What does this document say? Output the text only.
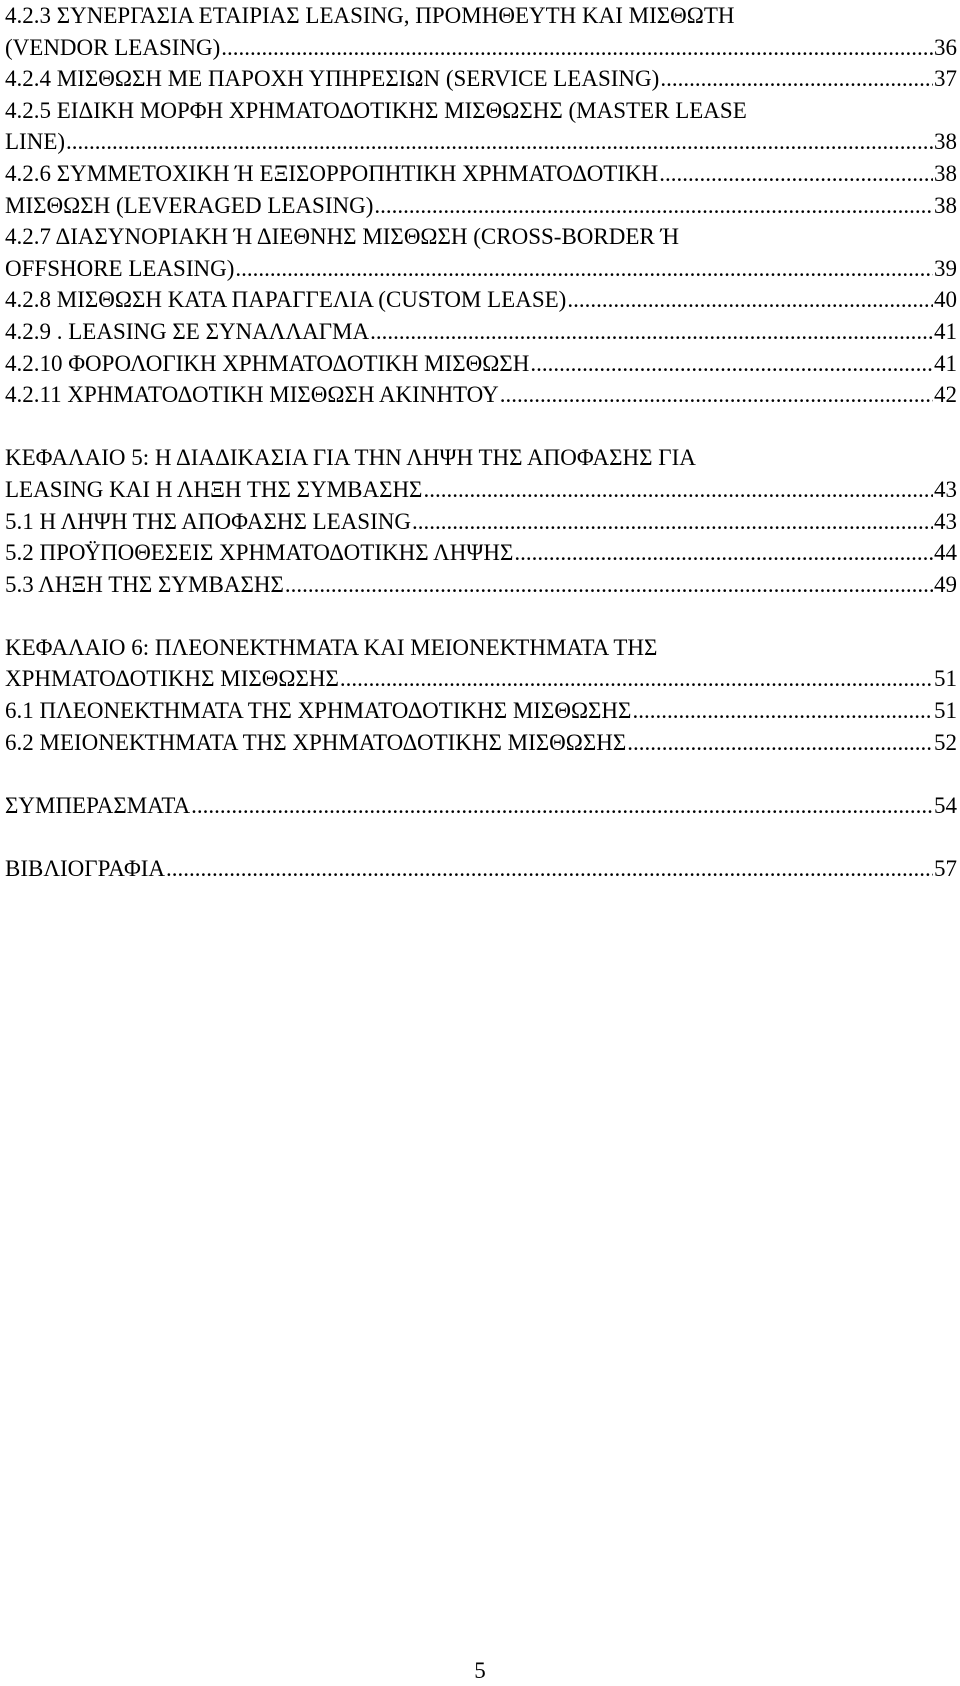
4.2.3 ΣΥΝΕΡΓΑΣΙΑ ΕΤΑΙΡΙΑΣ LEASING, ΠΡΟΜΗΘΕΥΤΗ ΚΑΙ ΜΙΣΘΩΤΗ
(VENDOR LEASING) .....	36
4.2.4 ΜΙΣΘΩΣΗ ΜΕ ΠΑΡΟΧΗ ΥΠΗΡΕΣΙΩΝ (SERVICE LEASING) .....	37
4.2.5 ΕΙΔΙΚΗ ΜΟΡΦΗ ΧΡΗΜΑΤΟΔΟΤΙΚΗΣ ΜΙΣΘΩΣΗΣ (MASTER LEASE
LINE) .....	38
4.2.6 ΣΥΜΜΕΤΟΧΙΚΗ Ή ΕΞΙΣΟΡΡΟΠΗΤΙΚΗ ΧΡΗΜΑΤΟΔΟΤΙΚΗ .....	38
ΜΙΣΘΩΣΗ (LEVERAGED LEASING) .....	38
4.2.7 ΔΙΑΣΥΝΟΡΙΑΚΗ Ή ΔΙΕΘΝΗΣ ΜΙΣΘΩΣΗ (CROSS-BORDER Ή
OFFSHORE LEASING) .....	39
4.2.8 ΜΙΣΘΩΣΗ ΚΑΤΑ ΠΑΡΑΓΓΕΛΙΑ (CUSTOM LEASE) .....	40
4.2.9 . LEASING ΣΕ ΣΥΝΑΛΛΑΓΜΑ .....	41
4.2.10 ΦΟΡΟΛΟΓΙΚΗ ΧΡΗΜΑΤΟΔΟΤΙΚΗ ΜΙΣΘΩΣΗ .....	41
4.2.11 ΧΡΗΜΑΤΟΔΟΤΙΚΗ ΜΙΣΘΩΣΗ ΑΚΙΝΗΤΟΥ .....	42
ΚΕΦΑΛΑΙΟ 5: Η ΔΙΑΔΙΚΑΣΙΑ ΓΙΑ ΤΗΝ ΛΗΨΗ ΤΗΣ ΑΠΟΦΑΣΗΣ ΓΙΑ
LEASING ΚΑΙ Η ΛΗΞΗ ΤΗΣ ΣΥΜΒΑΣΗΣ .....	43
5.1 Η ΛΗΨΗ ΤΗΣ ΑΠΟΦΑΣΗΣ LEASING .....	43
5.2 ΠΡΟΫΠΟΘΕΣΕΙΣ ΧΡΗΜΑΤΟΔΟΤΙΚΗΣ ΛΗΨΗΣ .....	44
5.3 ΛΗΞΗ ΤΗΣ ΣΥΜΒΑΣΗΣ .....	49
ΚΕΦΑΛΑΙΟ 6: ΠΛΕΟΝΕΚΤΗΜΑΤΑ ΚΑΙ ΜΕΙΟΝΕΚΤΗΜΑΤΑ ΤΗΣ
ΧΡΗΜΑΤΟΔΟΤΙΚΗΣ ΜΙΣΘΩΣΗΣ .....	51
6.1 ΠΛΕΟΝΕΚΤΗΜΑΤΑ ΤΗΣ ΧΡΗΜΑΤΟΔΟΤΙΚΗΣ ΜΙΣΘΩΣΗΣ .....	51
6.2 ΜΕΙΟΝΕΚΤΗΜΑΤΑ ΤΗΣ ΧΡΗΜΑΤΟΔΟΤΙΚΗΣ ΜΙΣΘΩΣΗΣ .....	52
ΣΥΜΠΕΡΑΣΜΑΤΑ .....	54
ΒΙΒΛΙΟΓΡΑΦΙΑ .....	57
5
